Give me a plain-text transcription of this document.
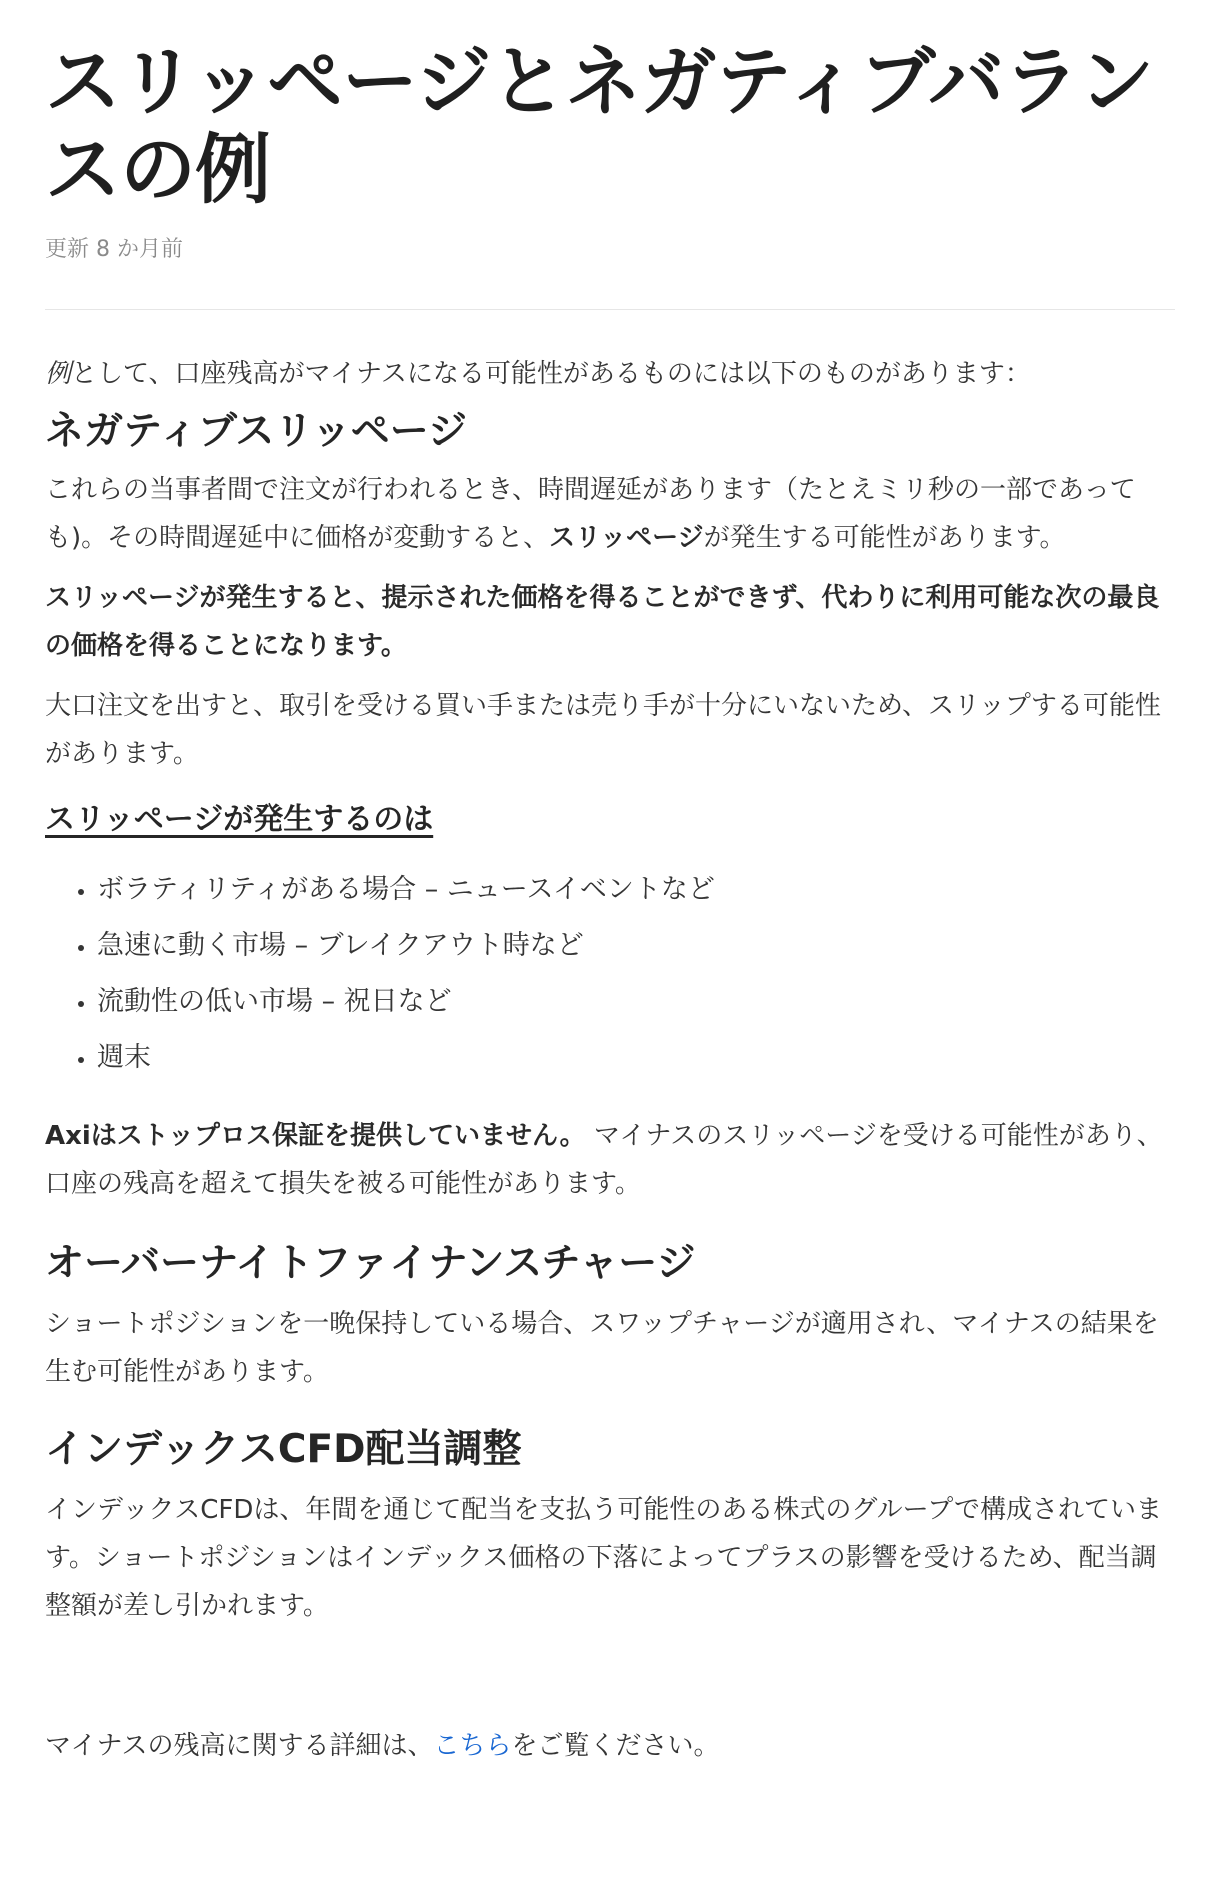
スリッページとネガティブバランスの例
更新 8 か月前

例として、口座残高がマイナスになる可能性があるものには以下のものがあります：

ネガティブスリッページ

これらの当事者間で注文が行われるとき、時間遅延があります（たとえミリ秒の一部であっても)。その時間遅延中に価格が変動すると、スリッページが発生する可能性があります。

スリッページが発生すると、提示された価格を得ることができず、代わりに利用可能な次の最良の価格を得ることになります。

大口注文を出すと、取引を受ける買い手または売り手が十分にいないため、スリップする可能性があります。

スリッページが発生するのは

• ボラティリティがある場合 – ニュースイベントなど
• 急速に動く市場 – ブレイクアウト時など
• 流動性の低い市場 – 祝日など
• 週末

Axiはストップロス保証を提供していません。 マイナスのスリッページを受ける可能性があり、口座の残高を超えて損失を被る可能性があります。

オーバーナイトファイナンスチャージ

ショートポジションを一晩保持している場合、スワップチャージが適用され、マイナスの結果を生む可能性があります。

インデックスCFD配当調整

インデックスCFDは、年間を通じて配当を支払う可能性のある株式のグループで構成されています。ショートポジションはインデックス価格の下落によってプラスの影響を受けるため、配当調整額が差し引かれます。

マイナスの残高に関する詳細は、こちらをご覧ください。
